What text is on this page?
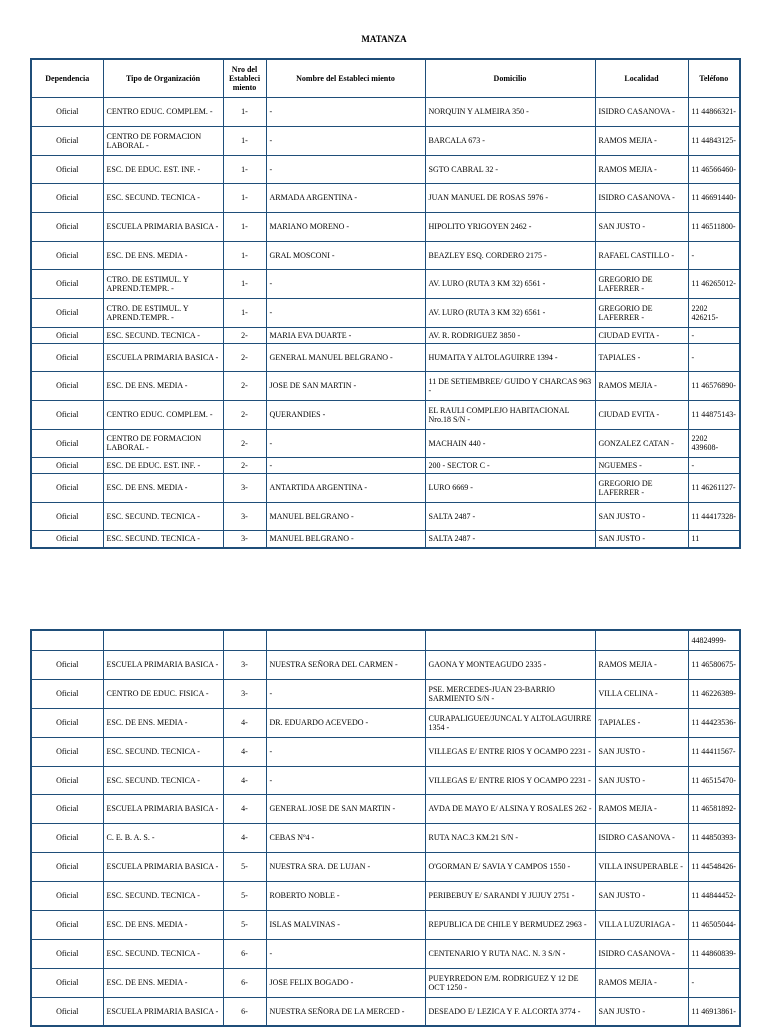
MATANZA
Dependencia	Tipo de Organización	Nro del Estableci miento	Nombre del Estableci miento	Domicilio	Localidad	Teléfono
Oficial	CENTRO EDUC. COMPLEM. -	1-	-	NORQUIN Y ALMEIRA 350 -	ISIDRO CASANOVA -	11 44866321-
Oficial	CENTRO DE FORMACION LABORAL -	1-	-	BARCALA 673 -	RAMOS MEJIA -	11 44843125-
Oficial	ESC. DE EDUC. EST. INF. -	1-	-	SGTO CABRAL 32 -	RAMOS MEJIA -	11 46566460-
Oficial	ESC. SECUND. TECNICA -	1-	ARMADA ARGENTINA -	JUAN MANUEL DE ROSAS 5976 -	ISIDRO CASANOVA -	11 46691440-
Oficial	ESCUELA PRIMARIA BASICA -	1-	MARIANO MORENO -	HIPOLITO YRIGOYEN 2462 -	SAN JUSTO -	11 46511800-
Oficial	ESC. DE ENS. MEDIA -	1-	GRAL MOSCONI -	BEAZLEY ESQ. CORDERO 2175 -	RAFAEL CASTILLO -	-
Oficial	CTRO. DE ESTIMUL. Y APREND.TEMPR. -	1-	-	AV. LURO (RUTA 3 KM 32) 6561 -	GREGORIO DE LAFERRER -	11 46265012-
Oficial	CTRO. DE ESTIMUL. Y APREND.TEMPR. -	1-	-	AV. LURO (RUTA 3 KM 32) 6561 -	GREGORIO DE LAFERRER -	2202 426215-
Oficial	ESC. SECUND. TECNICA -	2-	MARIA EVA DUARTE -	AV. R. RODRIGUEZ 3850 -	CIUDAD EVITA -	-
Oficial	ESCUELA PRIMARIA BASICA -	2-	GENERAL MANUEL BELGRANO -	HUMAITA Y ALTOLAGUIRRE 1394 -	TAPIALES -	-
Oficial	ESC. DE ENS. MEDIA -	2-	JOSE DE SAN MARTIN -	11 DE SETIEMBREE/ GUIDO Y CHARCAS 963 -	RAMOS MEJIA -	11 46576890-
Oficial	CENTRO EDUC. COMPLEM. -	2-	QUERANDIES -	EL RAULI COMPLEJO HABITACIONAL Nro.18 S/N -	CIUDAD EVITA -	11 44875143-
Oficial	CENTRO DE FORMACION LABORAL -	2-	-	MACHAIN 440 -	GONZALEZ CATAN -	2202 439608-
Oficial	ESC. DE EDUC. EST. INF. -	2-	-	200 - SECTOR C -	NGUEMES -	-
Oficial	ESC. DE ENS. MEDIA -	3-	ANTARTIDA ARGENTINA -	LURO 6669 -	GREGORIO DE LAFERRER -	11 46261127-
Oficial	ESC. SECUND. TECNICA -	3-	MANUEL BELGRANO -	SALTA 2487 -	SAN JUSTO -	11 44417328-
Oficial	ESC. SECUND. TECNICA -	3-	MANUEL BELGRANO -	SALTA 2487 -	SAN JUSTO -	11
						44824999-
Oficial	ESCUELA PRIMARIA BASICA -	3-	NUESTRA SEÑORA DEL CARMEN -	GAONA Y MONTEAGUDO 2335 -	RAMOS MEJIA -	11 46580675-
Oficial	CENTRO DE EDUC. FISICA -	3-	-	PSE. MERCEDES-JUAN 23-BARRIO SARMIENTO S/N -	VILLA CELINA -	11 46226389-
Oficial	ESC. DE ENS. MEDIA -	4-	DR. EDUARDO ACEVEDO -	CURAPALIGUEE/JUNCAL Y ALTOLAGUIRRE 1354 -	TAPIALES -	11 44423536-
Oficial	ESC. SECUND. TECNICA -	4-	-	VILLEGAS E/ ENTRE RIOS Y OCAMPO 2231 -	SAN JUSTO -	11 44411567-
Oficial	ESC. SECUND. TECNICA -	4-	-	VILLEGAS E/ ENTRE RIOS Y OCAMPO 2231 -	SAN JUSTO -	11 46515470-
Oficial	ESCUELA PRIMARIA BASICA -	4-	GENERAL JOSE DE SAN MARTIN -	AVDA DE MAYO E/ ALSINA Y ROSALES 262 -	RAMOS MEJIA -	11 46581892-
Oficial	C. E. B. A. S. -	4-	CEBAS Nº4 -	RUTA NAC.3 KM.21 S/N -	ISIDRO CASANOVA -	11 44850393-
Oficial	ESCUELA PRIMARIA BASICA -	5-	NUESTRA SRA. DE LUJAN -	O'GORMAN E/ SAVIA Y CAMPOS 1550 -	VILLA INSUPERABLE -	11 44548426-
Oficial	ESC. SECUND. TECNICA -	5-	ROBERTO NOBLE -	PERIBEBUY E/ SARANDI Y JUJUY 2751 -	SAN JUSTO -	11 44844452-
Oficial	ESC. DE ENS. MEDIA -	5-	ISLAS MALVINAS -	REPUBLICA DE CHILE Y BERMUDEZ 2963 -	VILLA LUZURIAGA -	11 46505044-
Oficial	ESC. SECUND. TECNICA -	6-	-	CENTENARIO Y RUTA NAC. N. 3 S/N -	ISIDRO CASANOVA -	11 44860839-
Oficial	ESC. DE ENS. MEDIA -	6-	JOSE FELIX BOGADO -	PUEYRREDON E/M. RODRIGUEZ Y 12 DE OCT 1250 -	RAMOS MEJIA -	-
Oficial	ESCUELA PRIMARIA BASICA -	6-	NUESTRA SEÑORA DE LA MERCED -	DESEADO E/ LEZICA Y F. ALCORTA 3774 -	SAN JUSTO -	11 46913861-
